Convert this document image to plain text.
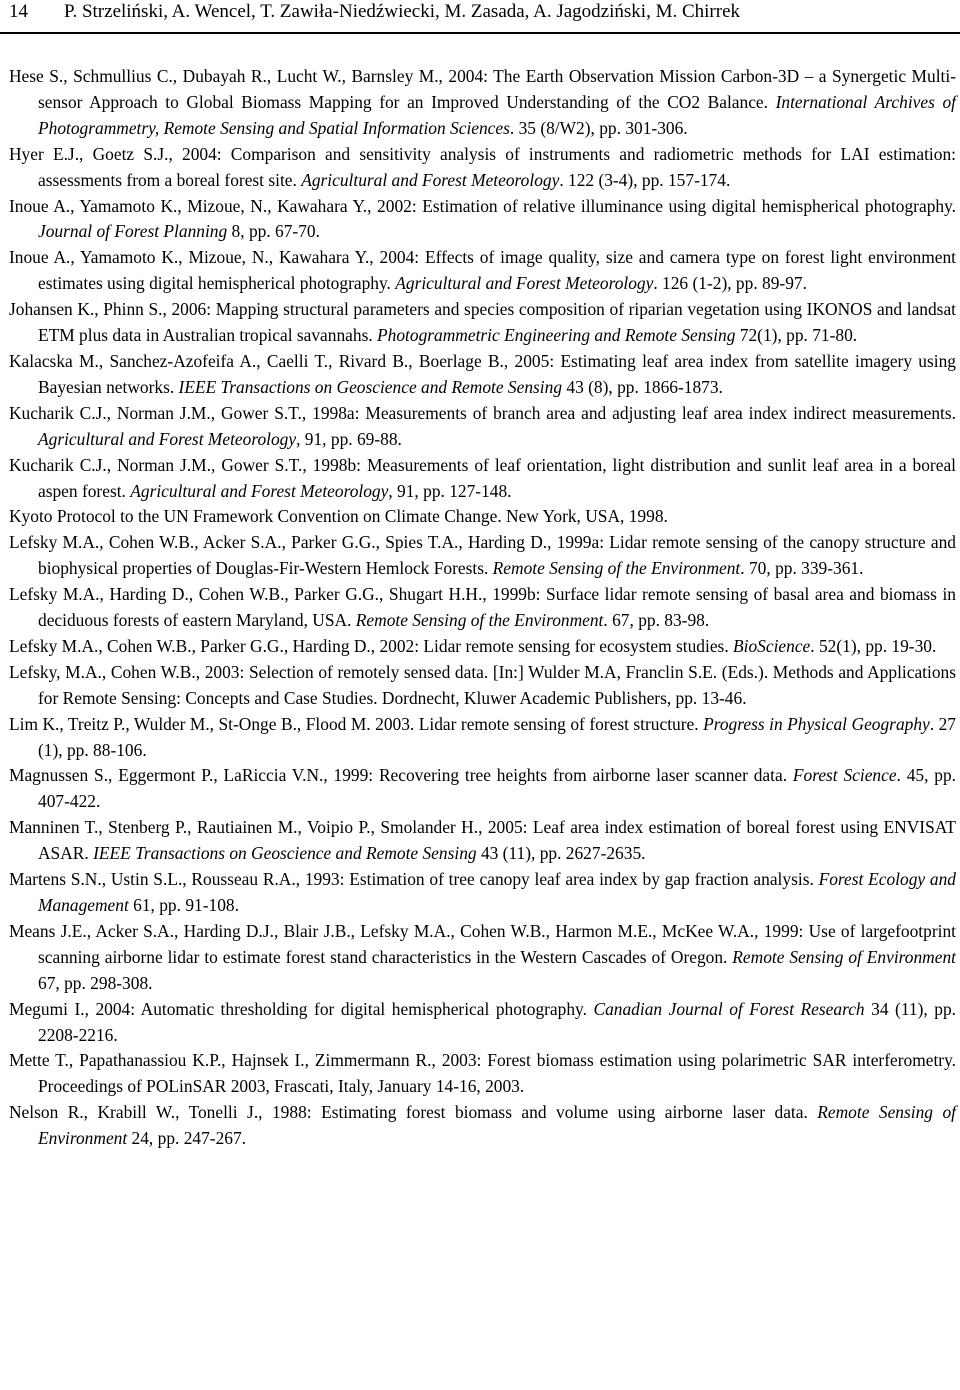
14 P. Strzeliński, A. Wencel, T. Zawiła-Niedźwiecki, M. Zasada, A. Jagodziński, M. Chirrek

Hese S., Schmullius C., Dubayah R., Lucht W., Barnsley M., 2004: The Earth Observation Mission Carbon-3D – a Synergetic Multi-sensor Approach to Global Biomass Mapping for an Improved Understanding of the CO2 Balance. International Archives of Photogrammetry, Remote Sensing and Spatial Information Sciences. 35 (8/W2), pp. 301-306.

Hyer E.J., Goetz S.J., 2004: Comparison and sensitivity analysis of instruments and radiometric methods for LAI estimation: assessments from a boreal forest site. Agricultural and Forest Meteorology. 122 (3-4), pp. 157-174.

Inoue A., Yamamoto K., Mizoue, N., Kawahara Y., 2002: Estimation of relative illuminance using digital hemispherical photography. Journal of Forest Planning 8, pp. 67-70.

Inoue A., Yamamoto K., Mizoue, N., Kawahara Y., 2004: Effects of image quality, size and camera type on forest light environment estimates using digital hemispherical photography. Agricultural and Forest Meteorology. 126 (1-2), pp. 89-97.

Johansen K., Phinn S., 2006: Mapping structural parameters and species composition of riparian vegetation using IKONOS and landsat ETM plus data in Australian tropical savannahs. Photogrammetric Engineering and Remote Sensing 72(1), pp. 71-80.

Kalacska M., Sanchez-Azofeifa A., Caelli T., Rivard B., Boerlage B., 2005: Estimating leaf area index from satellite imagery using Bayesian networks. IEEE Transactions on Geoscience and Remote Sensing 43 (8), pp. 1866-1873.

Kucharik C.J., Norman J.M., Gower S.T., 1998a: Measurements of branch area and adjusting leaf area index indirect measurements. Agricultural and Forest Meteorology, 91, pp. 69-88.

Kucharik C.J., Norman J.M., Gower S.T., 1998b: Measurements of leaf orientation, light distribution and sunlit leaf area in a boreal aspen forest. Agricultural and Forest Meteorology, 91, pp. 127-148.

Kyoto Protocol to the UN Framework Convention on Climate Change. New York, USA, 1998.

Lefsky M.A., Cohen W.B., Acker S.A., Parker G.G., Spies T.A., Harding D., 1999a: Lidar remote sensing of the canopy structure and biophysical properties of Douglas-Fir-Western Hemlock Forests. Remote Sensing of the Environment. 70, pp. 339-361.

Lefsky M.A., Harding D., Cohen W.B., Parker G.G., Shugart H.H., 1999b: Surface lidar remote sensing of basal area and biomass in deciduous forests of eastern Maryland, USA. Remote Sensing of the Environment. 67, pp. 83-98.

Lefsky M.A., Cohen W.B., Parker G.G., Harding D., 2002: Lidar remote sensing for ecosystem studies. BioScience. 52(1), pp. 19-30.

Lefsky, M.A., Cohen W.B., 2003: Selection of remotely sensed data. [In:] Wulder M.A, Franclin S.E. (Eds.). Methods and Applications for Remote Sensing: Concepts and Case Studies. Dordnecht, Kluwer Academic Publishers, pp. 13-46.

Lim K., Treitz P., Wulder M., St-Onge B., Flood M. 2003. Lidar remote sensing of forest structure. Progress in Physical Geography. 27 (1), pp. 88-106.

Magnussen S., Eggermont P., LaRiccia V.N., 1999: Recovering tree heights from airborne laser scanner data. Forest Science. 45, pp. 407-422.

Manninen T., Stenberg P., Rautiainen M., Voipio P., Smolander H., 2005: Leaf area index estimation of boreal forest using ENVISAT ASAR. IEEE Transactions on Geoscience and Remote Sensing 43 (11), pp. 2627-2635.

Martens S.N., Ustin S.L., Rousseau R.A., 1993: Estimation of tree canopy leaf area index by gap fraction analysis. Forest Ecology and Management 61, pp. 91-108.

Means J.E., Acker S.A., Harding D.J., Blair J.B., Lefsky M.A., Cohen W.B., Harmon M.E., McKee W.A., 1999: Use of largefootprint scanning airborne lidar to estimate forest stand characteristics in the Western Cascades of Oregon. Remote Sensing of Environment 67, pp. 298-308.

Megumi I., 2004: Automatic thresholding for digital hemispherical photography. Canadian Journal of Forest Research 34 (11), pp. 2208-2216.

Mette T., Papathanassiou K.P., Hajnsek I., Zimmermann R., 2003: Forest biomass estimation using polarimetric SAR interferometry. Proceedings of POLinSAR 2003, Frascati, Italy, January 14-16, 2003.

Nelson R., Krabill W., Tonelli J., 1988: Estimating forest biomass and volume using airborne laser data. Remote Sensing of Environment 24, pp. 247-267.
